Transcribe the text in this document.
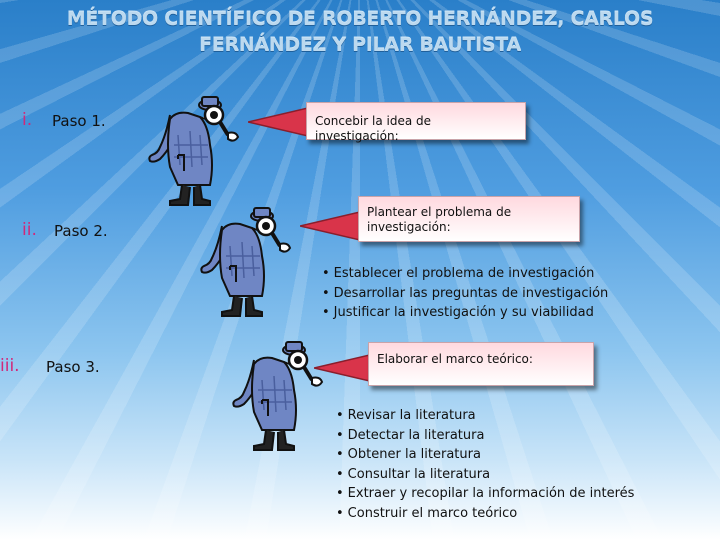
MÉTODO CIENTÍFICO DE ROBERTO HERNÁNDEZ, CARLOS
FERNÁNDEZ Y PILAR BAUTISTA
i. Paso 1.	Concebir la idea de investigación:
ii. Paso 2.
Plantear el problema de investigación:
• Establecer el problema de investigación
• Desarrollar las preguntas de investigación
• Justificar la investigación y su viabilidad
iii. Paso 3.	Elaborar el marco teórico:
• Revisar la literatura
• Detectar la literatura
• Obtener la literatura
• Consultar la literatura
• Extraer y recopilar la información de interés
• Construir el marco teórico
